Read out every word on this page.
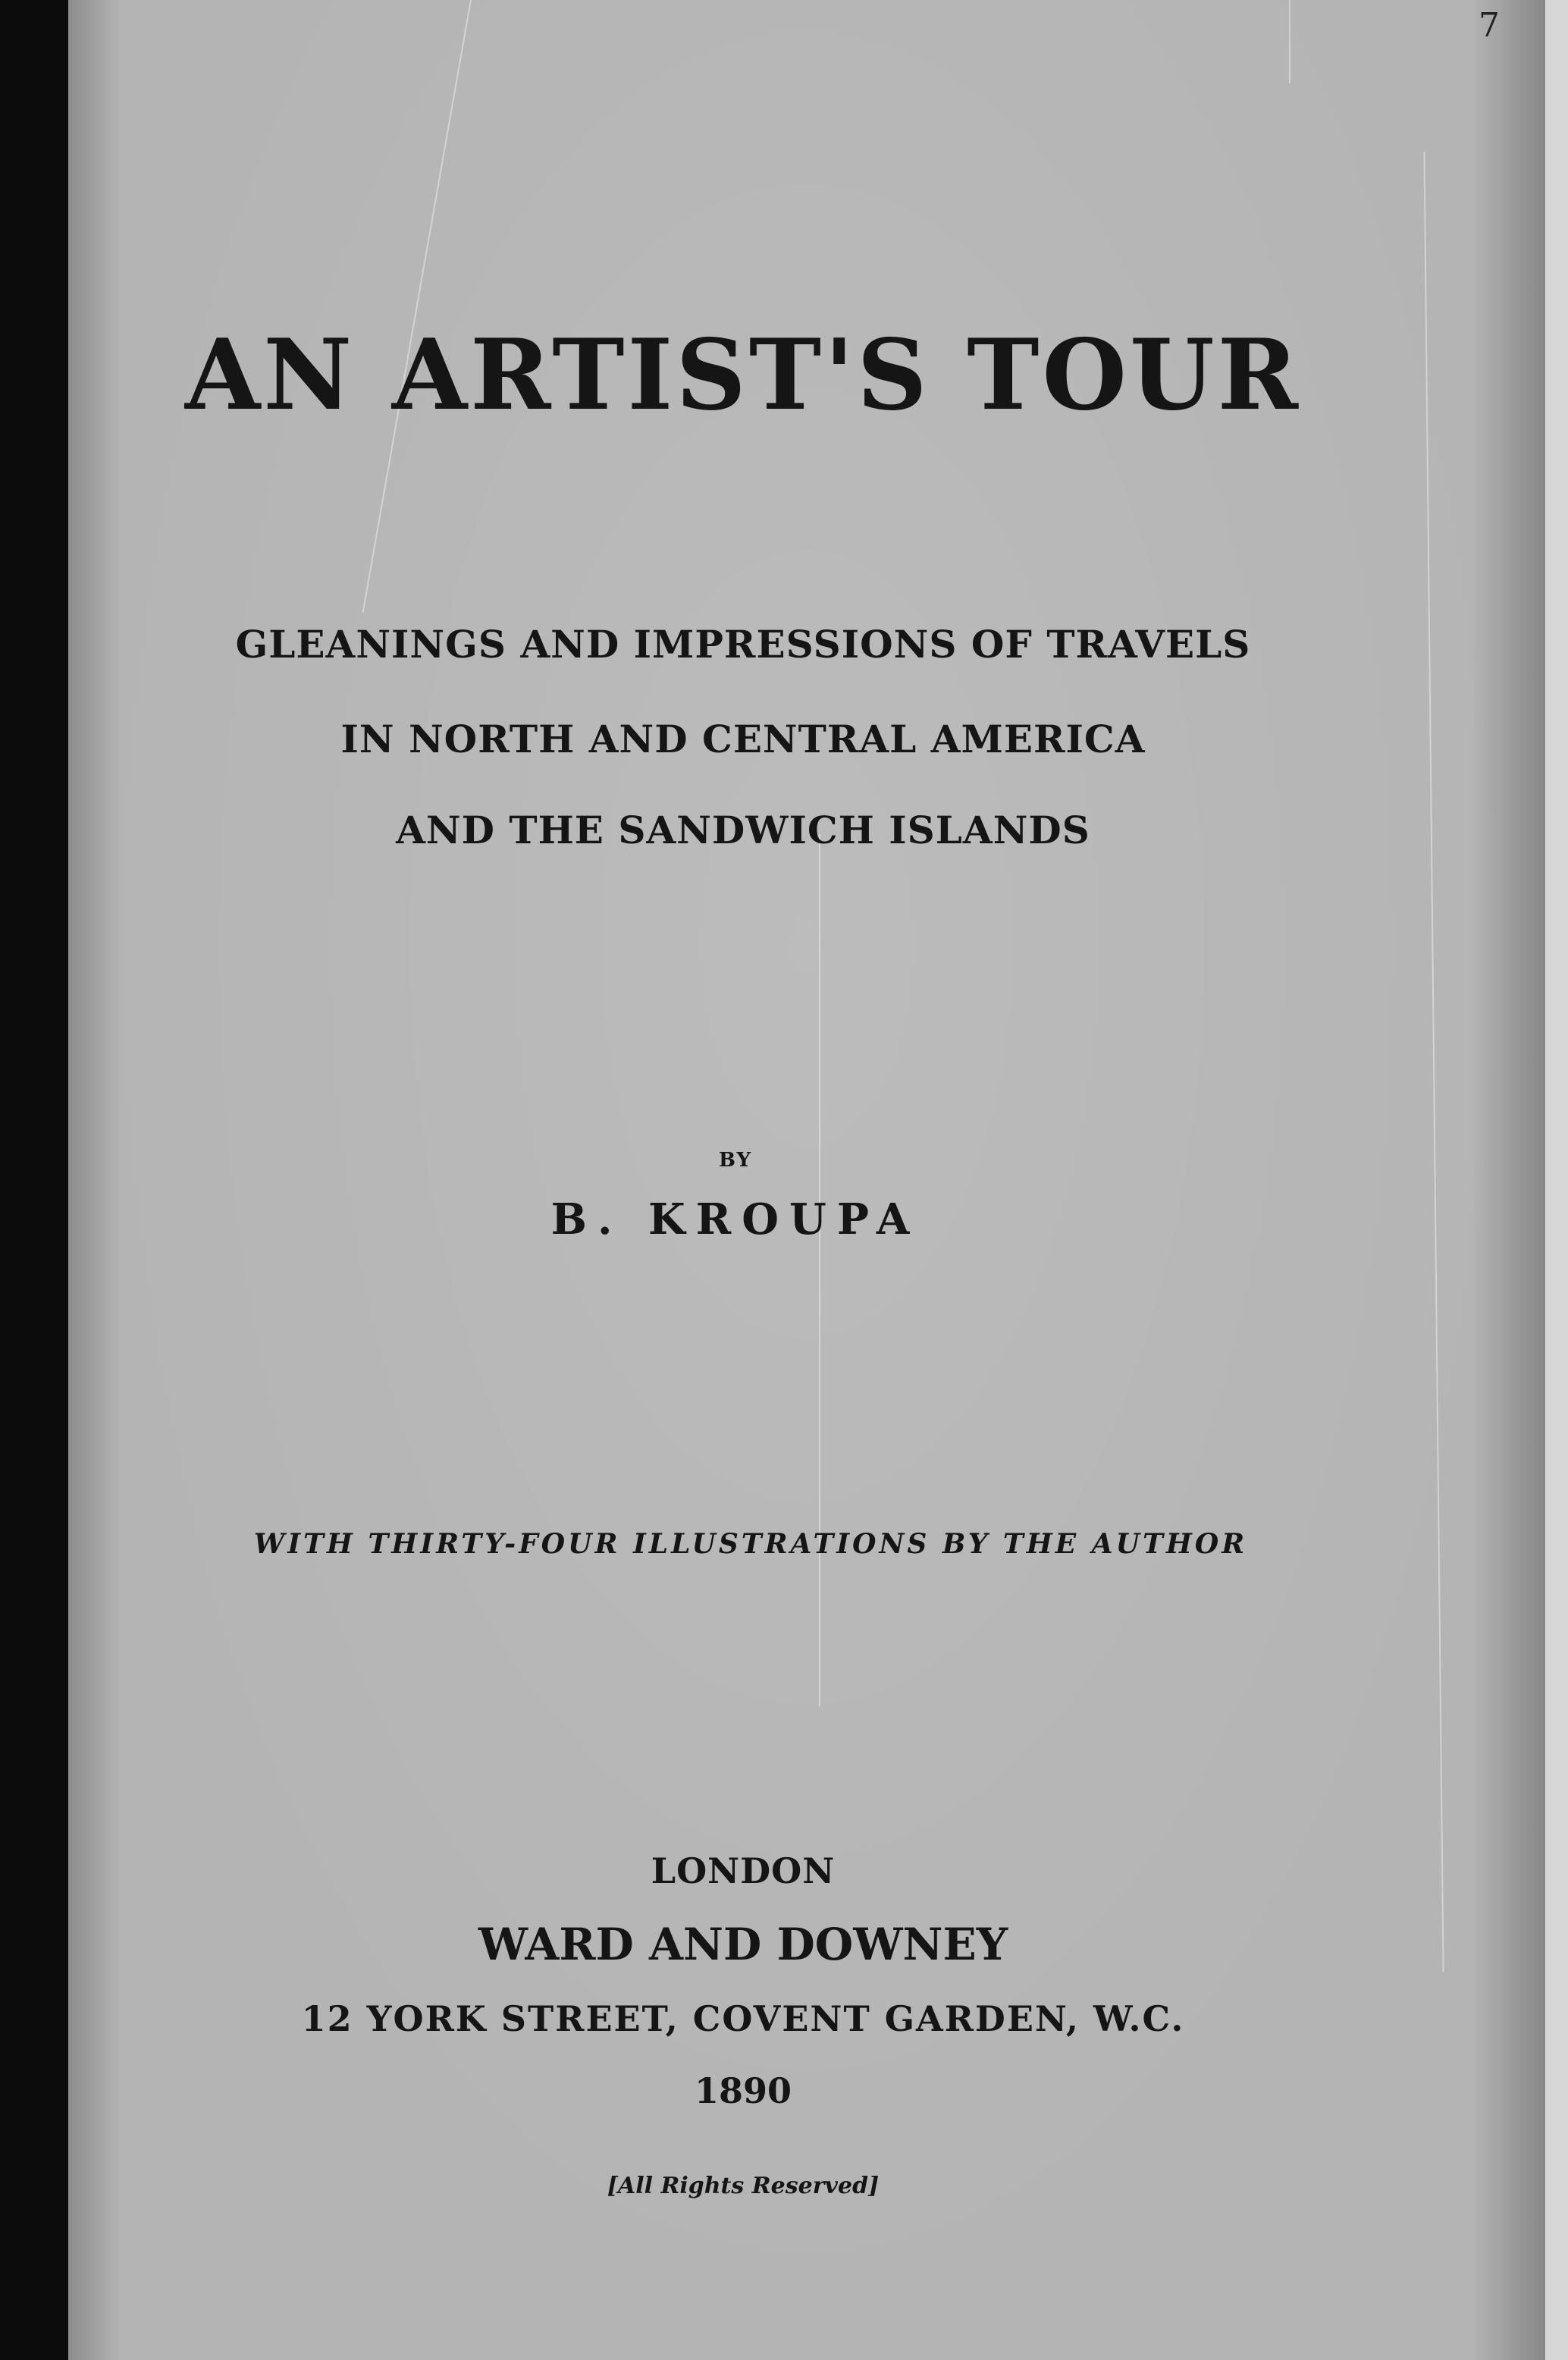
7
AN ARTIST'S TOUR
GLEANINGS AND IMPRESSIONS OF TRAVELS
IN NORTH AND CENTRAL AMERICA
AND THE SANDWICH ISLANDS
BY
B. KROUPA
WITH THIRTY-FOUR ILLUSTRATIONS BY THE AUTHOR
LONDON
WARD AND DOWNEY
12 YORK STREET, COVENT GARDEN, W.C.
1890
[All Rights Reserved]
